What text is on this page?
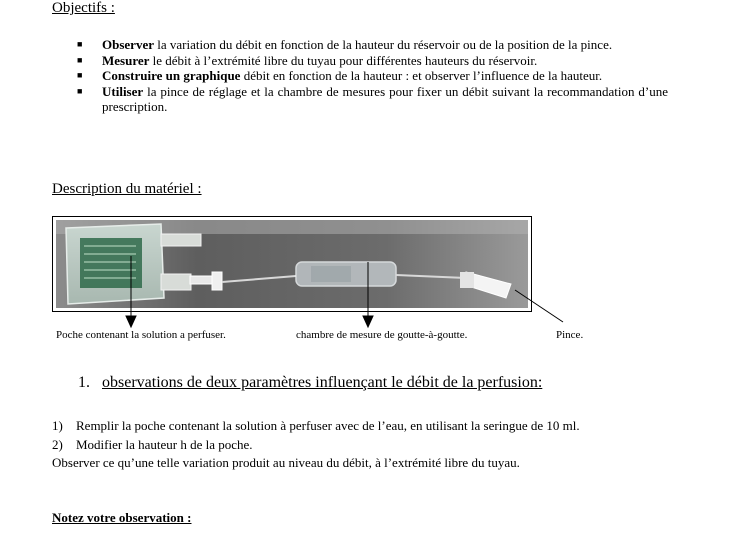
Objectifs :
■ Observer la variation du débit en fonction de la hauteur du réservoir ou de la position de la pince.
■ Mesurer le débit à l’extrémité libre du tuyau pour différentes hauteurs du réservoir.
■ Construire un graphique débit en fonction de la hauteur : et observer l’influence de la hauteur.
■ Utiliser la pince de réglage et la chambre de mesures pour fixer un débit suivant la recommandation d’une prescription.
Description du matériel :
Poche contenant la solution a perfuser.	chambre de mesure de goutte-à-goutte.	Pince.
1. observations de deux paramètres influençant le débit de la perfusion:
1) Remplir la poche contenant la solution à perfuser avec de l’eau, en utilisant la seringue de 10 ml.
2) Modifier la hauteur h de la poche.
Observer ce qu’une telle variation produit au niveau du débit, à l’extrémité libre du tuyau.
Notez votre observation :
